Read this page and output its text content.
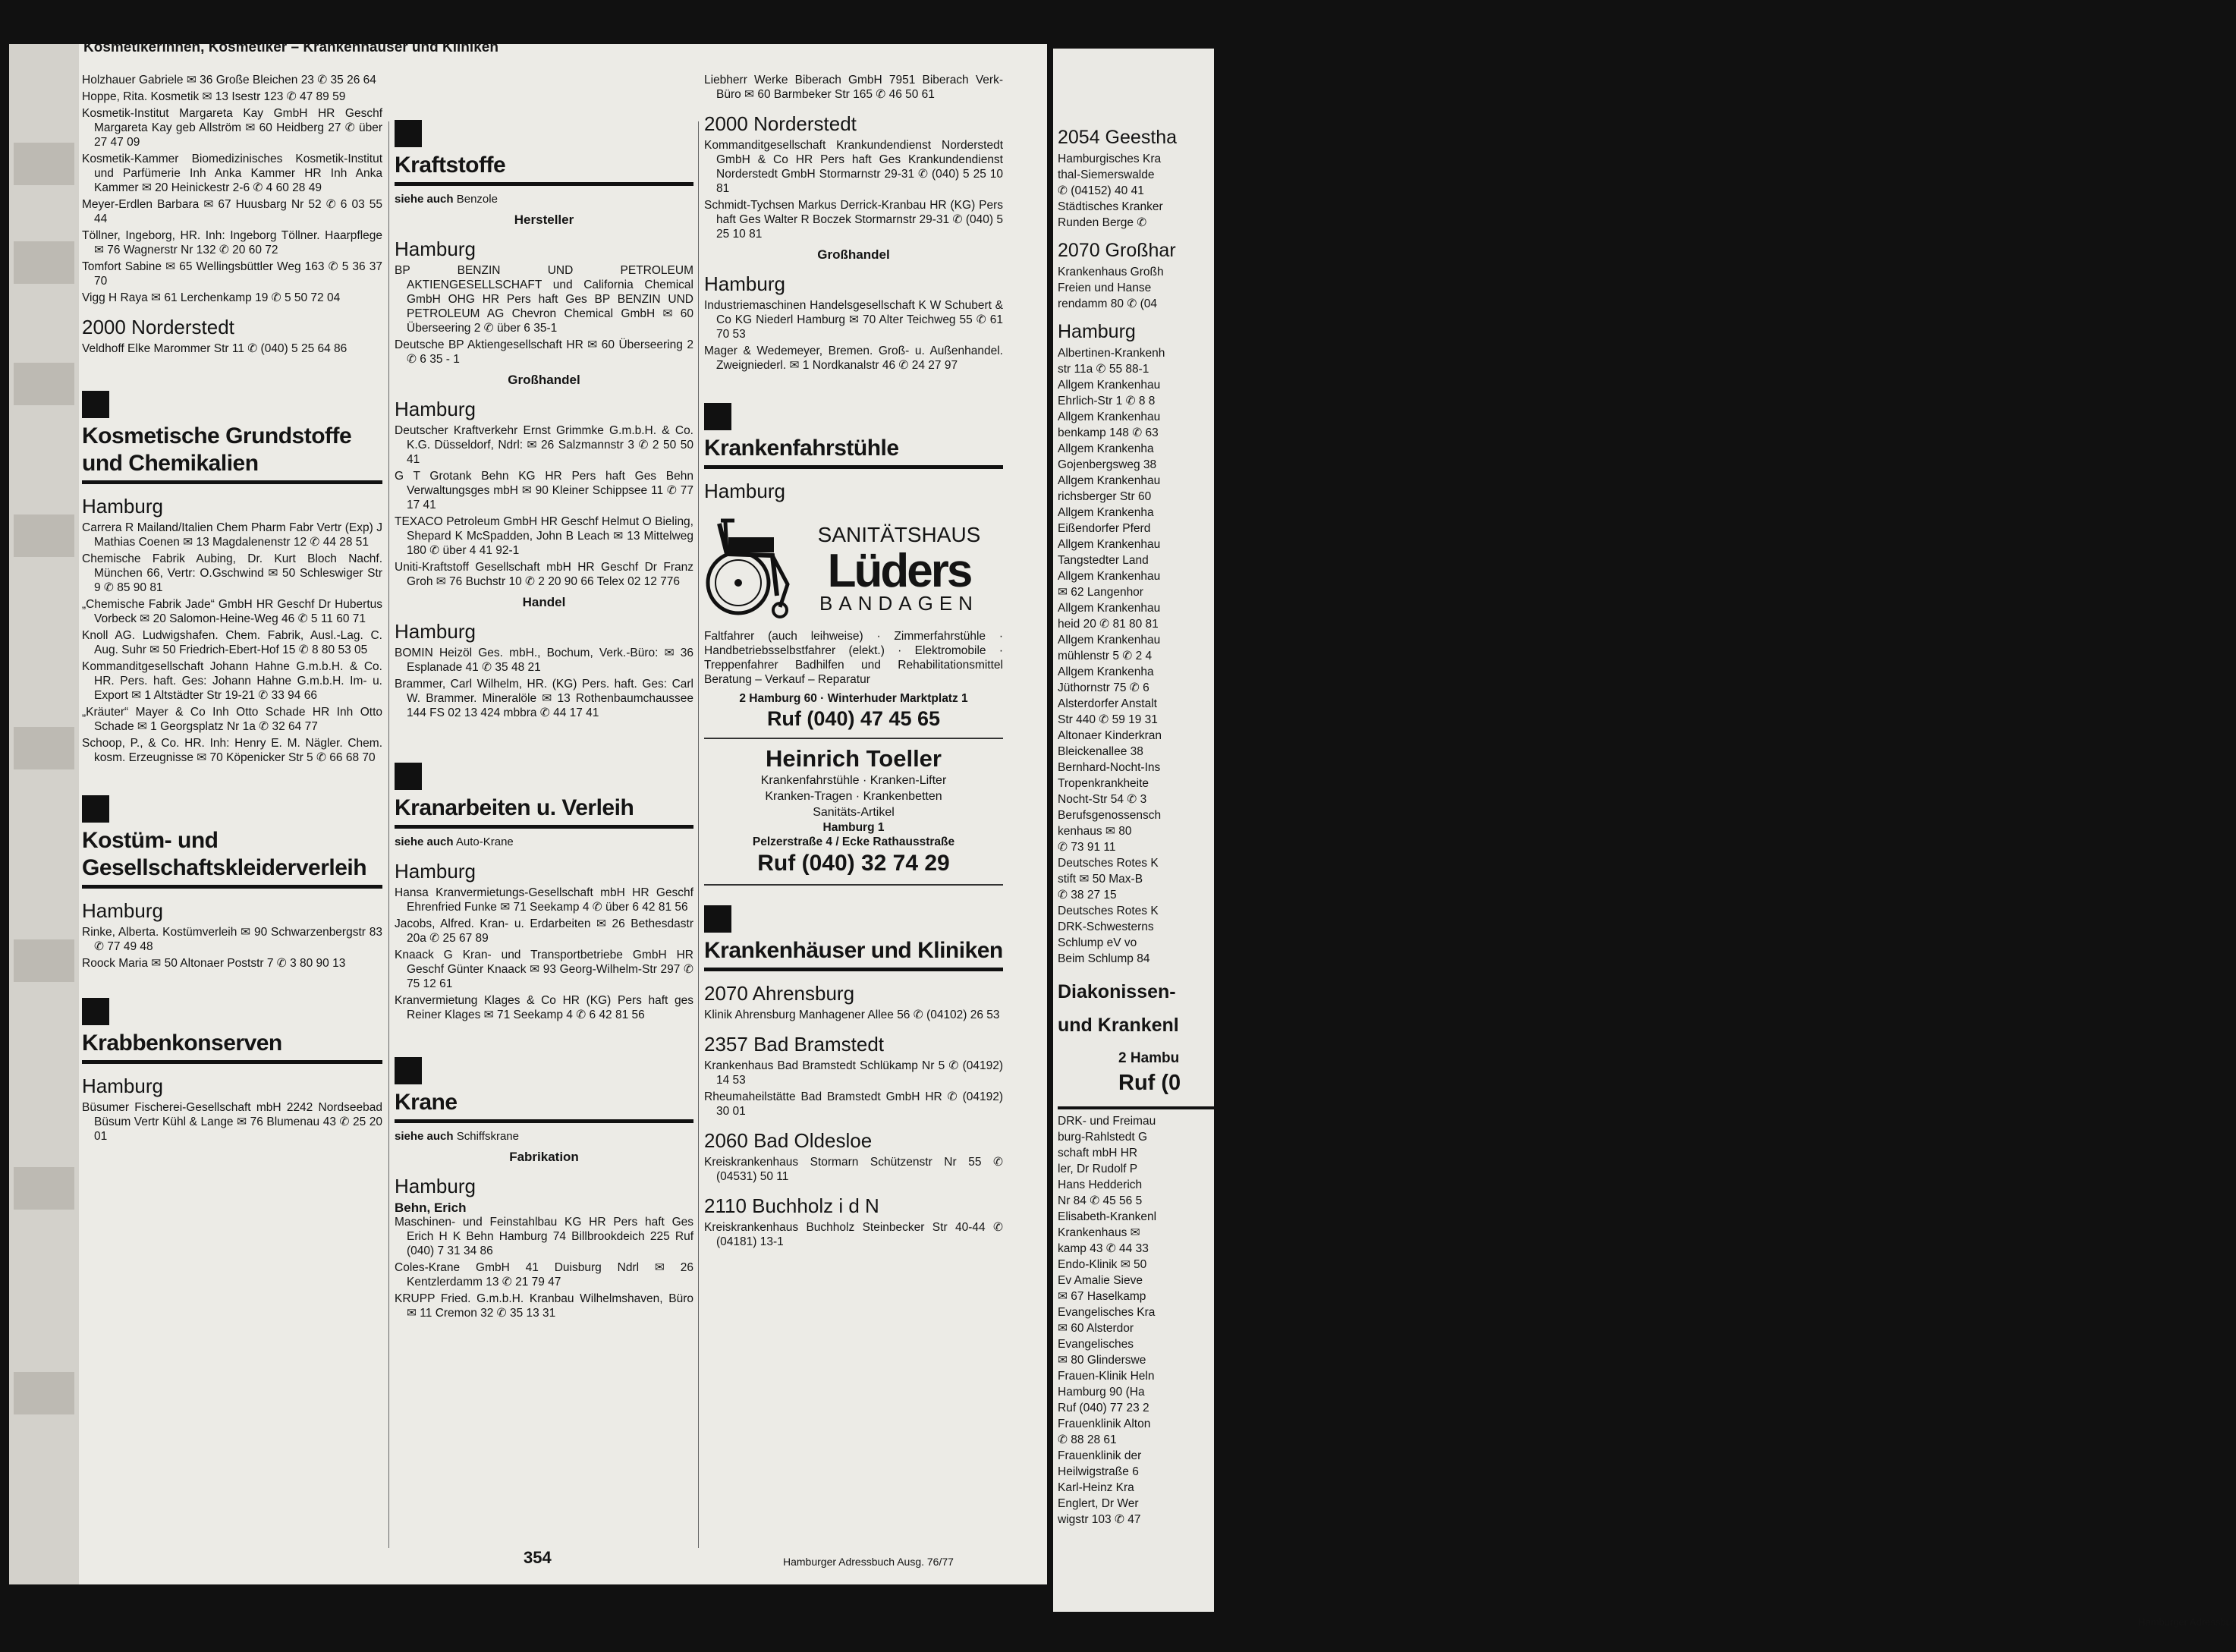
2054 Geestha
Hamburgisches Kra
thal-Siemerswalde
✆ (04152) 40 41
Städtisches Kranker
Runden Berge ✆
2070 Großhar
Krankenhaus Großh
Freien und Hanse
rendamm 80 ✆ (04
Hamburg
Albertinen-Krankenh
str 11a ✆ 55 88-1
Allgem Krankenhau
Ehrlich-Str 1 ✆ 8 8
Allgem Krankenhau
benkamp 148 ✆ 63
Allgem Krankenha
Gojenbergsweg 38
Allgem Krankenhau
richsberger Str 60
Allgem Krankenha
Eißendorfer Pferd
Allgem Krankenhau
Tangstedter Land
Allgem Krankenhau
✉ 62 Langenhor
Allgem Krankenhau
heid 20 ✆ 81 80 81
Allgem Krankenhau
mühlenstr 5 ✆ 2 4
Allgem Krankenha
Jüthornstr 75 ✆ 6
Alsterdorfer Anstalt
Str 440 ✆ 59 19 31
Altonaer Kinderkran
Bleickenallee 38
Bernhard-Nocht-Ins
Tropenkrankheite
Nocht-Str 54 ✆ 3
Berufsgenossensch
kenhaus ✉ 80
✆ 73 91 11
Deutsches Rotes K
stift ✉ 50 Max-B
✆ 38 27 15
Deutsches Rotes K
DRK-Schwesterns
Schlump eV vo
Beim Schlump 84
Diakonissen-
und Krankenl
2 Hambu
Ruf (0
DRK- und Freimau
burg-Rahlstedt G
schaft mbH HR
ler, Dr Rudolf P
Hans Hedderich
Nr 84 ✆ 45 56 5
Elisabeth-Krankenl
Krankenhaus ✉
kamp 43 ✆ 44 33
Endo-Klinik ✉ 50
Ev Amalie Sieve
✉ 67 Haselkamp
Evangelisches Kra
✉ 60 Alsterdor
Evangelisches
✉ 80 Glinderswe
Frauen-Klinik Heln
Hamburg 90 (Ha
Ruf (040) 77 23 2
Frauenklinik Alton
✆ 88 28 61
Frauenklinik der
Heilwigstraße 6
Karl-Heinz Kra
Englert, Dr Wer
wigstr 103 ✆ 47
Hamburger Adressbuc
Kosmetikerinnen, Kosmetiker – Krankenhäuser und Kliniken
Holzhauer Gabriele ✉ 36 Große Bleichen 23 ✆ 35 26 64
Hoppe, Rita. Kosmetik ✉ 13 Isestr 123 ✆ 47 89 59
Kosmetik-Institut Margareta Kay GmbH HR Geschf Margareta Kay geb Allström ✉ 60 Heidberg 27 ✆ über 27 47 09
Kosmetik-Kammer Biomedizinisches Kosmetik-Institut und Parfümerie Inh Anka Kammer HR Inh Anka Kammer ✉ 20 Heinickestr 2-6 ✆ 4 60 28 49
Meyer-Erdlen Barbara ✉ 67 Huusbarg Nr 52 ✆ 6 03 55 44
Töllner, Ingeborg, HR. Inh: Ingeborg Töllner. Haarpflege ✉ 76 Wagnerstr Nr 132 ✆ 20 60 72
Tomfort Sabine ✉ 65 Wellingsbüttler Weg 163 ✆ 5 36 37 70
Vigg H Raya ✉ 61 Lerchenkamp 19 ✆ 5 50 72 04
2000 Norderstedt
Veldhoff Elke Marommer Str 11 ✆ (040) 5 25 64 86
Kosmetische Grundstoffe und Chemikalien
Hamburg
Carrera R Mailand/Italien Chem Pharm Fabr Vertr (Exp) J Mathias Coenen ✉ 13 Magdalenenstr 12 ✆ 44 28 51
Chemische Fabrik Aubing, Dr. Kurt Bloch Nachf. München 66, Vertr: O.Gschwind ✉ 50 Schleswiger Str 9 ✆ 85 90 81
„Chemische Fabrik Jade“ GmbH HR Geschf Dr Hubertus Vorbeck ✉ 20 Salomon-Heine-Weg 46 ✆ 5 11 60 71
Knoll AG. Ludwigshafen. Chem. Fabrik, Ausl.-Lag. C. Aug. Suhr ✉ 50 Friedrich-Ebert-Hof 15 ✆ 8 80 53 05
Kommanditgesellschaft Johann Hahne G.m.b.H. & Co. HR. Pers. haft. Ges: Johann Hahne G.m.b.H. Im- u. Export ✉ 1 Altstädter Str 19-21 ✆ 33 94 66
„Kräuter“ Mayer & Co Inh Otto Schade HR Inh Otto Schade ✉ 1 Georgsplatz Nr 1a ✆ 32 64 77
Schoop, P., & Co. HR. Inh: Henry E. M. Nägler. Chem. kosm. Erzeugnisse ✉ 70 Köpenicker Str 5 ✆ 66 68 70
Kostüm- und Gesellschaftskleiderverleih
Hamburg
Rinke, Alberta. Kostümverleih ✉ 90 Schwarzenbergstr 83 ✆ 77 49 48
Roock Maria ✉ 50 Altonaer Poststr 7 ✆ 3 80 90 13
Krabbenkonserven
Hamburg
Büsumer Fischerei-Gesellschaft mbH 2242 Nordseebad Büsum Vertr Kühl & Lange ✉ 76 Blumenau 43 ✆ 25 20 01
Kraftstoffe
siehe auch Benzole
Hersteller
Hamburg
BP BENZIN UND PETROLEUM AKTIENGESELLSCHAFT und California Chemical GmbH OHG HR Pers haft Ges BP BENZIN UND PETROLEUM AG Chevron Chemical GmbH ✉ 60 Überseering 2 ✆ über 6 35-1
Deutsche BP Aktiengesellschaft HR ✉ 60 Überseering 2 ✆ 6 35 - 1
Großhandel
Hamburg
Deutscher Kraftverkehr Ernst Grimmke G.m.b.H. & Co. K.G. Düsseldorf, Ndrl: ✉ 26 Salzmannstr 3 ✆ 2 50 50 41
G T Grotank Behn KG HR Pers haft Ges Behn Verwaltungsges mbH ✉ 90 Kleiner Schippsee 11 ✆ 77 17 41
TEXACO Petroleum GmbH HR Geschf Helmut O Bieling, Shepard K McSpadden, John B Leach ✉ 13 Mittelweg 180 ✆ über 4 41 92-1
Uniti-Kraftstoff Gesellschaft mbH HR Geschf Dr Franz Groh ✉ 76 Buchstr 10 ✆ 2 20 90 66 Telex 02 12 776
Handel
Hamburg
BOMIN Heizöl Ges. mbH., Bochum, Verk.-Büro: ✉ 36 Esplanade 41 ✆ 35 48 21
Brammer, Carl Wilhelm, HR. (KG) Pers. haft. Ges: Carl W. Brammer. Mineralöle ✉ 13 Rothenbaumchaussee 144 FS 02 13 424 mbbra ✆ 44 17 41
Kranarbeiten u. Verleih
siehe auch Auto-Krane
Hamburg
Hansa Kranvermietungs-Gesellschaft mbH HR Geschf Ehrenfried Funke ✉ 71 Seekamp 4 ✆ über 6 42 81 56
Jacobs, Alfred. Kran- u. Erdarbeiten ✉ 26 Bethesdastr 20a ✆ 25 67 89
Knaack G Kran- und Transportbetriebe GmbH HR Geschf Günter Knaack ✉ 93 Georg-Wilhelm-Str 297 ✆ 75 12 61
Kranvermietung Klages & Co HR (KG) Pers haft ges Reiner Klages ✉ 71 Seekamp 4 ✆ 6 42 81 56
Krane
siehe auch Schiffskrane
Fabrikation
Hamburg
Behn, Erich
Maschinen- und Feinstahlbau KG HR Pers haft Ges Erich H K Behn Hamburg 74 Billbrookdeich 225 Ruf (040) 7 31 34 86
Coles-Krane GmbH 41 Duisburg Ndrl ✉ 26 Kentzlerdamm 13 ✆ 21 79 47
KRUPP Fried. G.m.b.H. Kranbau Wilhelmshaven, Büro ✉ 11 Cremon 32 ✆ 35 13 31
Liebherr Werke Biberach GmbH 7951 Biberach Verk-Büro ✉ 60 Barmbeker Str 165 ✆ 46 50 61
2000 Norderstedt
Kommanditgesellschaft Krankundendienst Norderstedt GmbH & Co HR Pers haft Ges Krankundendienst Norderstedt GmbH Stormarnstr 29-31 ✆ (040) 5 25 10 81
Schmidt-Tychsen Markus Derrick-Kranbau HR (KG) Pers haft Ges Walter R Boczek Stormarnstr 29-31 ✆ (040) 5 25 10 81
Großhandel
Hamburg
Industriemaschinen Handelsgesellschaft K W Schubert & Co KG Niederl Hamburg ✉ 70 Alter Teichweg 55 ✆ 61 70 53
Mager & Wedemeyer, Bremen. Groß- u. Außenhandel. Zweigniederl. ✉ 1 Nordkanalstr 46 ✆ 24 27 97
Krankenfahrstühle
Hamburg
SANITÄTSHAUS
Lüders
BANDAGEN
Faltfahrer (auch leihweise) · Zimmerfahrstühle · Handbetriebsselbstfahrer (elekt.) · Elektromobile · Treppenfahrer Badhilfen und Rehabilitationsmittel Beratung – Verkauf – Reparatur
2 Hamburg 60 · Winterhuder Marktplatz 1
Ruf (040) 47 45 65
Heinrich Toeller
Krankenfahrstühle · Kranken-Lifter
Kranken-Tragen · Krankenbetten
Sanitäts-Artikel
Hamburg 1
Pelzerstraße 4 / Ecke Rathausstraße
Ruf (040) 32 74 29
Krankenhäuser und Kliniken
2070 Ahrensburg
Klinik Ahrensburg Manhagener Allee 56 ✆ (04102) 26 53
2357 Bad Bramstedt
Krankenhaus Bad Bramstedt Schlükamp Nr 5 ✆ (04192) 14 53
Rheumaheilstätte Bad Bramstedt GmbH HR ✆ (04192) 30 01
2060 Bad Oldesloe
Kreiskrankenhaus Stormarn Schützenstr Nr 55 ✆ (04531) 50 11
2110 Buchholz i d N
Kreiskrankenhaus Buchholz Steinbecker Str 40-44 ✆ (04181) 13-1
354	Hamburger Adressbuch Ausg. 76/77
